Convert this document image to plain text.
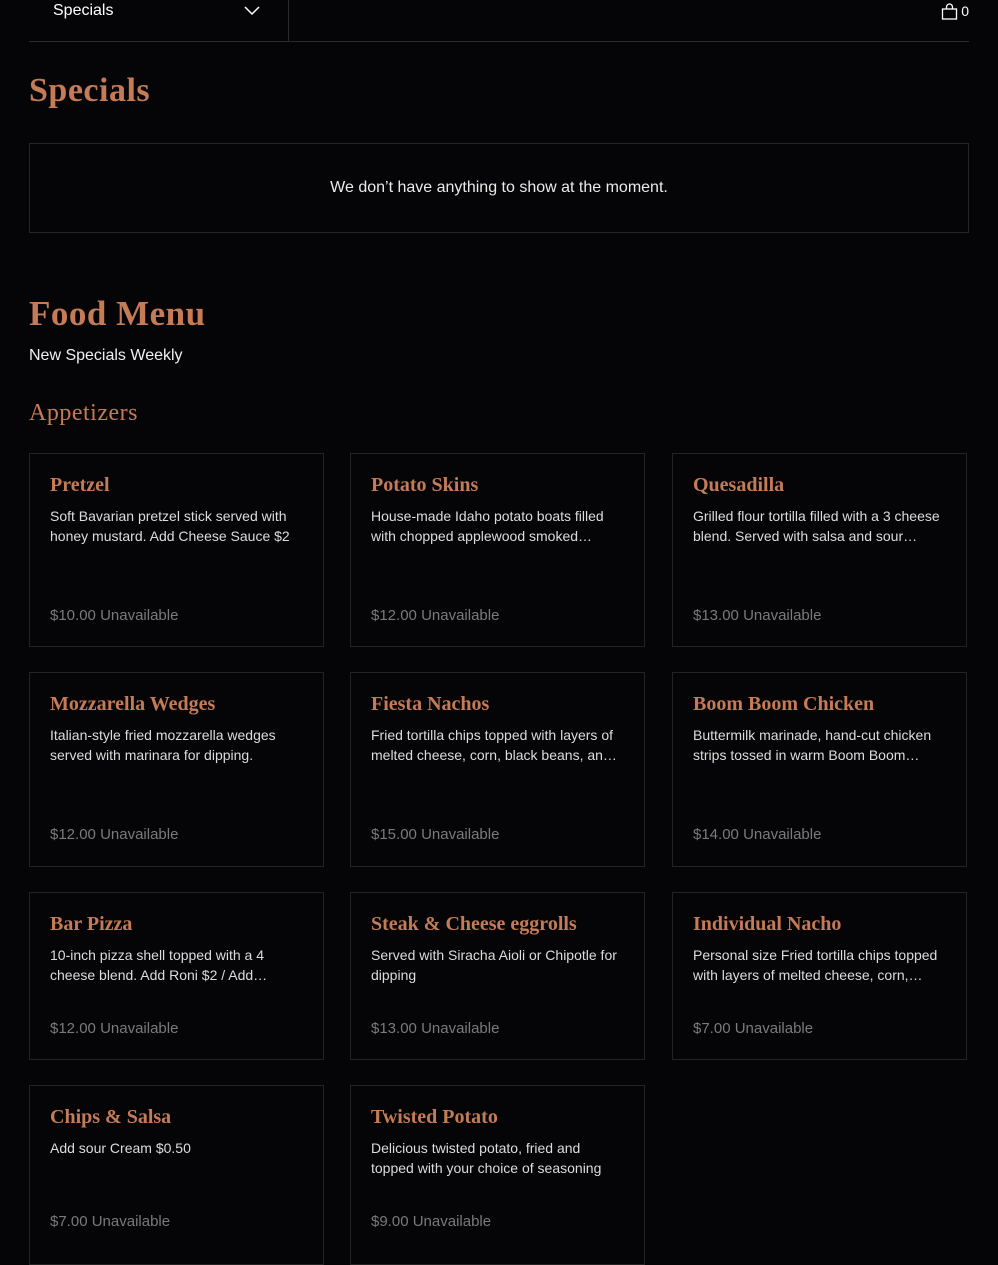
Specials	0
Specials
We don’t have anything to show at the moment.
Food Menu
New Specials Weekly
Appetizers
Pretzel
Soft Bavarian pretzel stick served with honey mustard. Add Cheese Sauce $2
$10.00 Unavailable
Potato Skins
House-made Idaho potato boats filled with chopped applewood smoked…
$12.00 Unavailable
Quesadilla
Grilled flour tortilla filled with a 3 cheese blend. Served with salsa and sour…
$13.00 Unavailable
Mozzarella Wedges
Italian-style fried mozzarella wedges served with marinara for dipping.
$12.00 Unavailable
Fiesta Nachos
Fried tortilla chips topped with layers of melted cheese, corn, black beans, an…
$15.00 Unavailable
Boom Boom Chicken
Buttermilk marinade, hand-cut chicken strips tossed in warm Boom Boom…
$14.00 Unavailable
Bar Pizza
10-inch pizza shell topped with a 4 cheese blend. Add Roni $2 / Add…
$12.00 Unavailable
Steak & Cheese eggrolls
Served with Siracha Aioli or Chipotle for dipping
$13.00 Unavailable
Individual Nacho
Personal size Fried tortilla chips topped with layers of melted cheese, corn,…
$7.00 Unavailable
Chips & Salsa
Add sour Cream $0.50
$7.00 Unavailable
Twisted Potato
Delicious twisted potato, fried and topped with your choice of seasoning
$9.00 Unavailable
